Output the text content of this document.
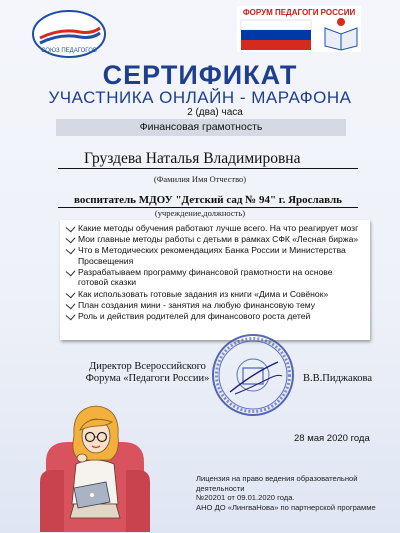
СОЮЗ ПЕДАГОГОВ
ФОРУМ ПЕДАГОГИ РОССИИ
СЕРТИФИКАТ
УЧАСТНИКА ОНЛАЙН - МАРАФОНА
2 (два) часа
Финансовая грамотность
Груздева Наталья Владимировна
(Фамилия Имя Отчество)
воспитатель МДОУ "Детский сад № 94" г. Ярославль
(учреждение,должность)
Какие методы обучения работают лучше всего. На что реагирует мозг
Мои главные методы работы с детьми в рамках СФК «Лесная биржа»
Что в Методических рекомендациях Банка России и Министерства Просвещения
Разрабатываем программу финансовой грамотности на основе готовой сказки
Как использовать готовые задания из книги «Дима и Совёнок»
План создания мини - занятия на любую финансовую тему
Роль и действия родителей для финансового роста детей
Директор Всероссийского Форума «Педагоги России»	В.В.Пиджакова
28 мая 2020 года
Лицензия на право ведения образовательной деятельности
№20201 от 09.01.2020 года.
АНО ДО «ЛингваНова» по партнерской программе
